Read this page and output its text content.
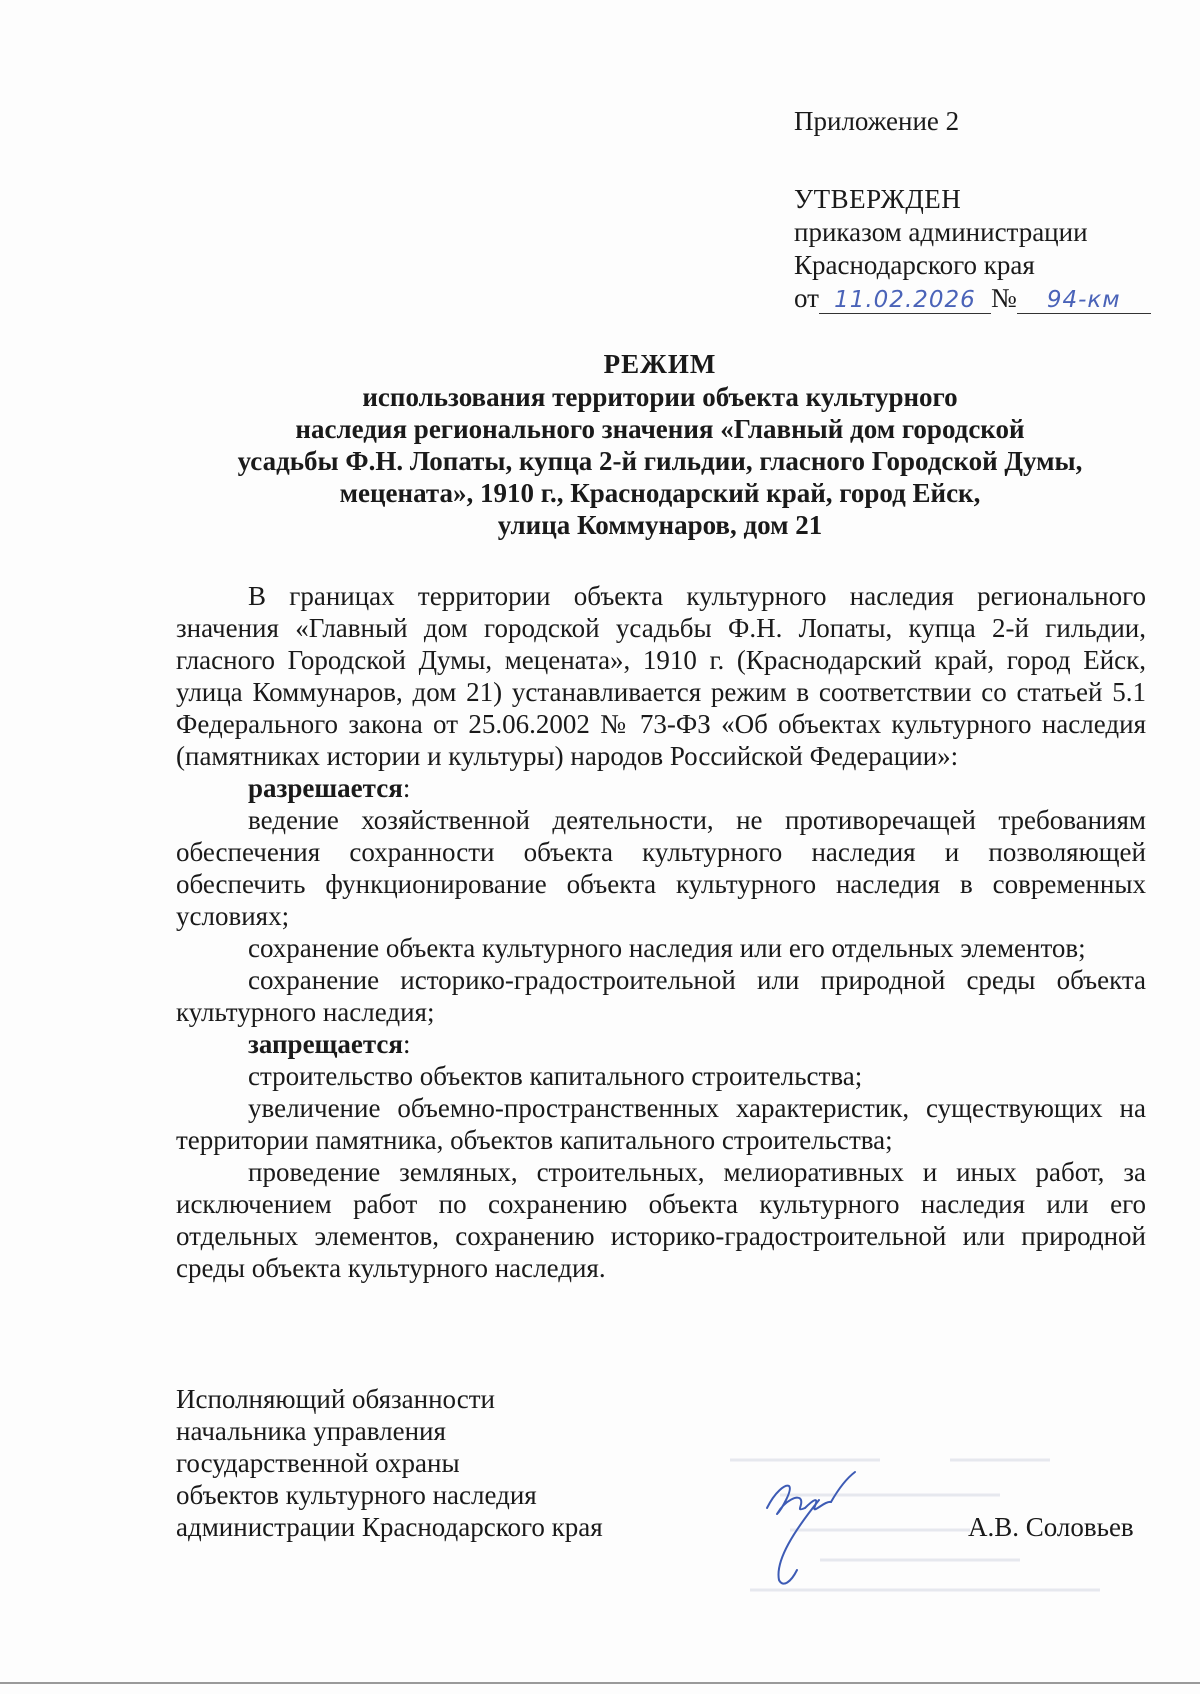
Приложение 2
УТВЕРЖДЕН
приказом администрации
Краснодарского края
от 11.02.2026 № 94-км
РЕЖИМ
использования территории объекта культурного
наследия регионального значения «Главный дом городской
усадьбы Ф.Н. Лопаты, купца 2-й гильдии, гласного Городской Думы,
мецената», 1910 г., Краснодарский край, город Ейск,
улица Коммунаров, дом 21

В границах территории объекта культурного наследия регионального значения «Главный дом городской усадьбы Ф.Н. Лопаты, купца 2-й гильдии, гласного Городской Думы, мецената», 1910 г. (Краснодарский край, город Ейск, улица Коммунаров, дом 21) устанавливается режим в соответствии со статьей 5.1 Федерального закона от 25.06.2002 № 73-ФЗ «Об объектах культурного наследия (памятниках истории и культуры) народов Российской Федерации»:

разрешается:

ведение хозяйственной деятельности, не противоречащей требованиям обеспечения сохранности объекта культурного наследия и позволяющей обеспечить функционирование объекта культурного наследия в современных условиях;

сохранение объекта культурного наследия или его отдельных элементов;

сохранение историко-градостроительной или природной среды объекта культурного наследия;

запрещается:

строительство объектов капитального строительства;

увеличение объемно-пространственных характеристик, существующих на территории памятника, объектов капитального строительства;

проведение земляных, строительных, мелиоративных и иных работ, за исключением работ по сохранению объекта культурного наследия или его отдельных элементов, сохранению историко-градостроительной или природной среды объекта культурного наследия.

Исполняющий обязанности
начальника управления
государственной охраны
объектов культурного наследия
администрации Краснодарского края	А.В. Соловьев
